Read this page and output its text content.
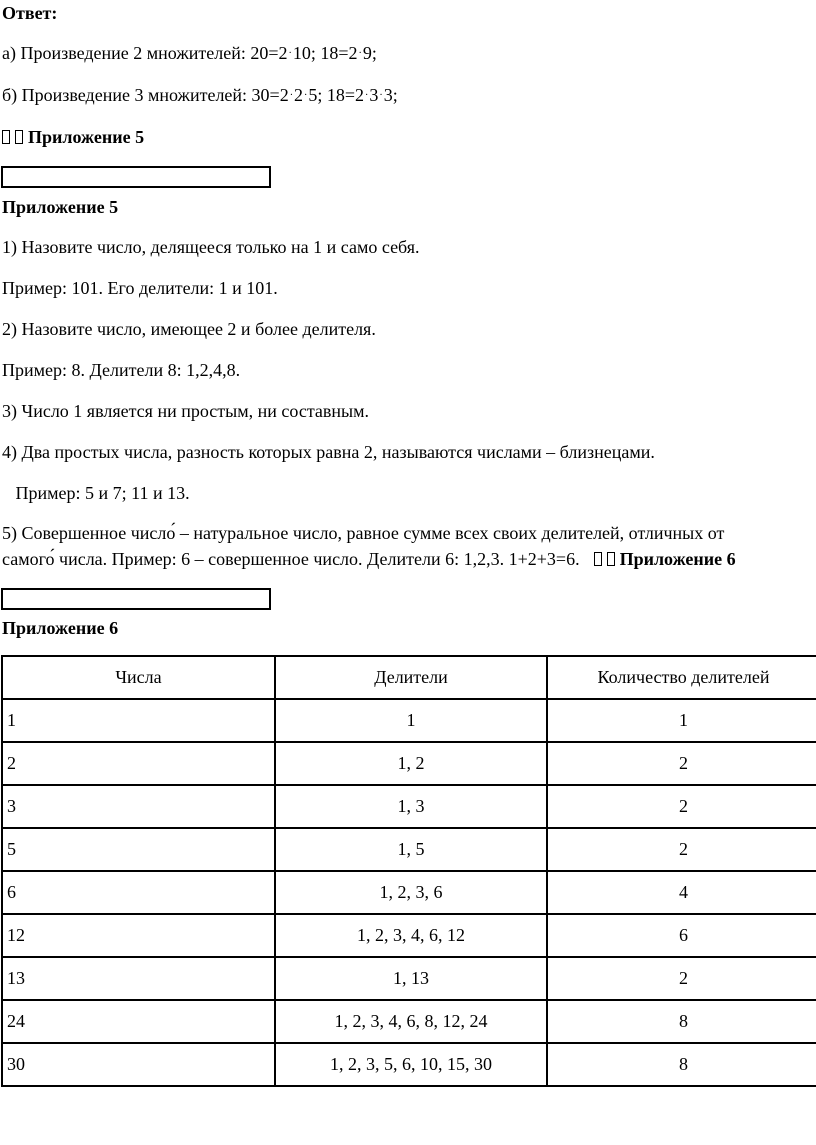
Ответ:
а) Произведение 2 множителей: 20=2·10; 18=2·9;
б) Произведение 3 множителей: 30=2·2·5; 18=2·3·3;
Приложение 5
Приложение 5
1) Назовите число, делящееся только на 1 и само себя.
Пример: 101. Его делители: 1 и 101.
2) Назовите число, имеющее 2 и более делителя.
Пример: 8. Делители 8: 1,2,4,8.
3) Число 1 является ни простым, ни составным.
4) Два простых числа, разность которых равна 2, называются числами – близнецами.
Пример: 5 и 7; 11 и 13.
5) Совершенное число́ – натуральное число, равное сумме всех своих делителей, отличных от
самого́ числа. Пример: 6 – совершенное число. Делители 6: 1,2,3. 1+2+3=6. Приложение 6
Приложение 6
Числа	Делители	Количество делителей
1	1	1
2	1, 2	2
3	1, 3	2
5	1, 5	2
6	1, 2, 3, 6	4
12	1, 2, 3, 4, 6, 12	6
13	1, 13	2
24	1, 2, 3, 4, 6, 8, 12, 24	8
30	1, 2, 3, 5, 6, 10, 15, 30	8
